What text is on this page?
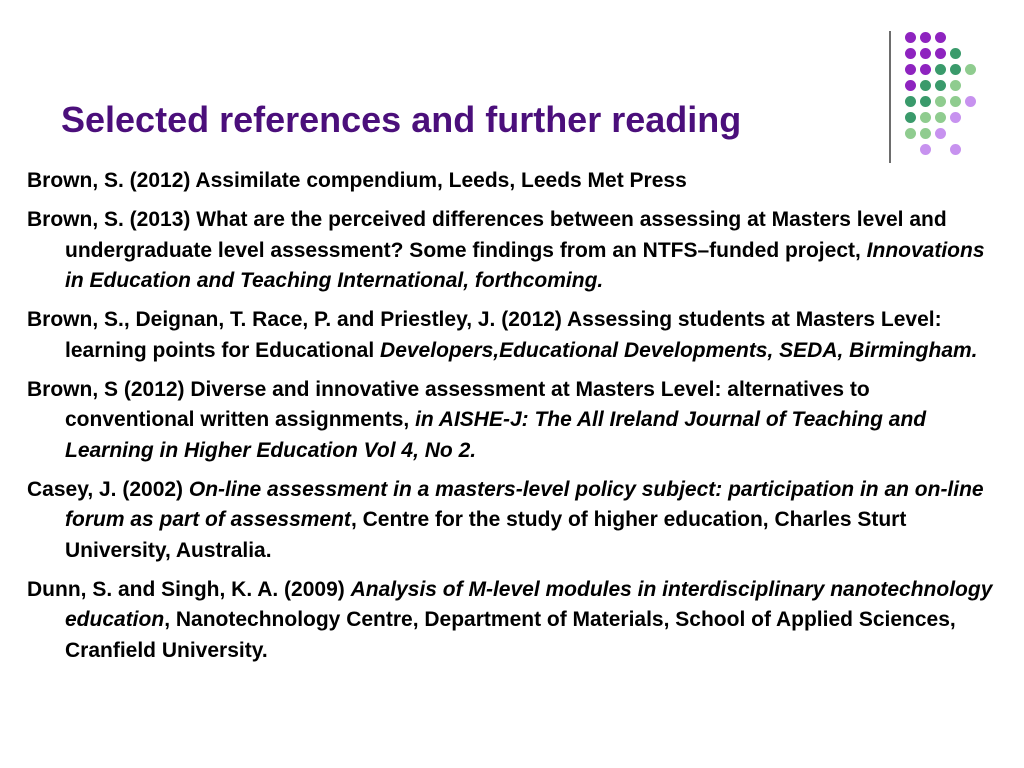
Selected references and further reading
Brown, S. (2012) Assimilate compendium, Leeds, Leeds Met Press
Brown, S. (2013) What are the perceived differences between assessing at Masters level and undergraduate level assessment? Some findings from an NTFS–funded project, Innovations in Education and Teaching International, forthcoming.
Brown, S., Deignan, T. Race, P. and Priestley, J. (2012) Assessing students at Masters Level: learning points for Educational Developers,Educational Developments, SEDA, Birmingham.
Brown, S (2012) Diverse and innovative assessment at Masters Level: alternatives to conventional written assignments, in AISHE-J: The All Ireland Journal of Teaching and Learning in Higher Education Vol 4, No 2.
Casey, J. (2002) On-line assessment in a masters-level policy subject: participation in an on-line forum as part of assessment, Centre for the study of higher education, Charles Sturt University, Australia.
Dunn, S. and Singh, K. A. (2009) Analysis of M-level modules in interdisciplinary nanotechnology education, Nanotechnology Centre, Department of Materials, School of Applied Sciences, Cranfield University.
